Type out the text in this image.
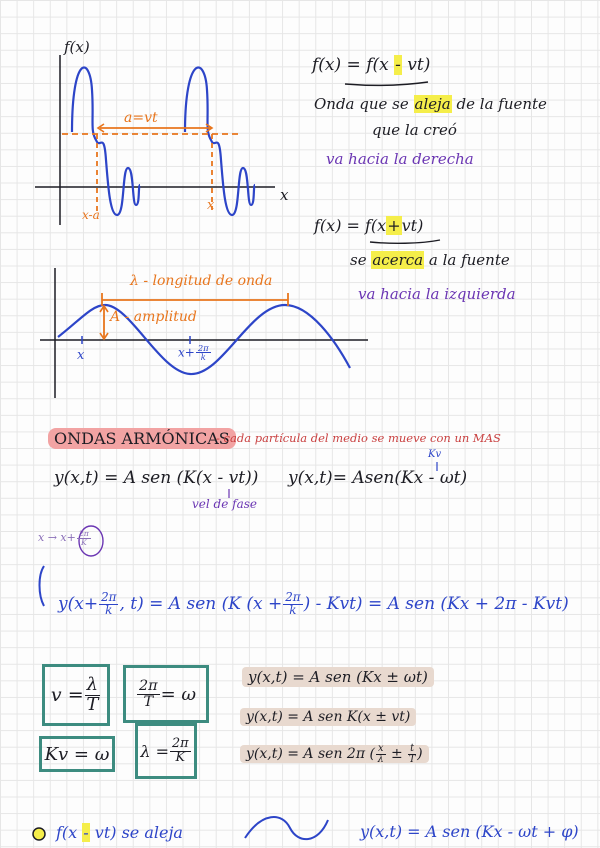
f(x)
x
a=vt
x-a
x
λ - longitud de onda
A - amplitud
x	$x+ \frac{2\pi}{k}$
f(x) = f(x - vt)
Onda que se aleja de la fuente
que la creó
va hacia la derecha
f(x) = f(x+vt)
se acerca a la fuente
va hacia la izquierda
ONDAS ARMÓNICAS
- cada partícula del medio se mueve con un MAS
y(x,t) = A sen (K(x - vt))
vel de fase
y(x,t)= Asen(Kx - ωt)
Kv
$x \to x+ \frac{2\pi}{K}$
$y(x+ \frac{2\pi}{k}$ , t) = A sen (K ($x + \frac{2\pi}{k}$ ) - Kvt) = A sen (Kx + 2π - Kvt)
$v = \frac{\lambda}{T}$	$\frac{2\pi}{T} = \omega$
Kv = ω $\lambda = \frac{2\pi}{K}$
y(x,t) = A sen (Kx ± ωt)
y(x,t) = A sen K(x ± vt)
y(x,t) = A sen 2π ( $\frac{x}{\lambda} \pm \frac{t}{T}$ )
f(x - vt) se aleja	y(x,t) = A sen (Kx - ωt + φ)
